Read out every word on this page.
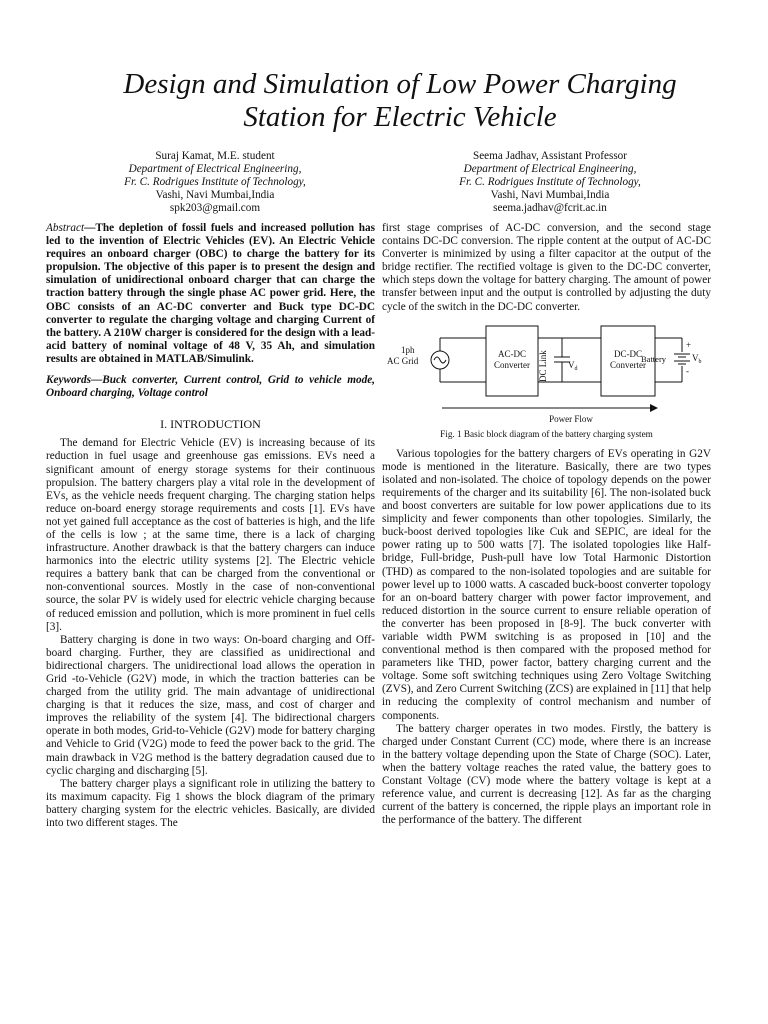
Design and Simulation of Low Power Charging
Station for Electric Vehicle
Suraj Kamat, M.E. student
Department of Electrical Engineering,
Fr. C. Rodrigues Institute of Technology,
Vashi, Navi Mumbai,India
spk203@gmail.com
Seema Jadhav, Assistant Professor
Department of Electrical Engineering,
Fr. C. Rodrigues Institute of Technology,
Vashi, Navi Mumbai,India
seema.jadhav@fcrit.ac.in

Abstract—The depletion of fossil fuels and increased pollution has led to the invention of Electric Vehicles (EV). An Electric Vehicle requires an onboard charger (OBC) to charge the battery for its propulsion. The objective of this paper is to present the design and simulation of unidirectional onboard charger that can charge the traction battery through the single phase AC power grid. Here, the OBC consists of an AC-DC converter and Buck type DC-DC converter to regulate the charging voltage and charging Current of the battery. A 210W charger is considered for the design with a lead- acid battery of nominal voltage of 48 V, 35 Ah, and simulation results are obtained in MATLAB/Simulink.

Keywords—Buck converter, Current control, Grid to vehicle mode, Onboard charging, Voltage control

I. INTRODUCTION

The demand for Electric Vehicle (EV) is increasing because of its reduction in fuel usage and greenhouse gas emissions. EVs need a significant amount of energy storage systems for their continuous propulsion. The battery chargers play a vital role in the development of EVs, as the vehicle needs frequent charging. The charging station helps reduce on-board energy storage requirements and costs [1]. EVs have not yet gained full acceptance as the cost of batteries is high, and the life of the cells is low ; at the same time, there is a lack of charging infrastructure. Another drawback is that the battery chargers can induce harmonics into the electric utility systems [2]. The Electric vehicle requires a battery bank that can be charged from the conventional or non-conventional sources. Mostly in the case of non-conventional source, the solar PV is widely used for electric vehicle charging because of reduced emission and pollution, which is more prominent in fuel cells [3].

Battery charging is done in two ways: On-board charging and Off-board charging. Further, they are classified as unidirectional and bidirectional chargers. The unidirectional load allows the operation in Grid -to-Vehicle (G2V) mode, in which the traction batteries can be charged from the utility grid. The main advantage of unidirectional charging is that it reduces the size, mass, and cost of charger and improves the reliability of the system [4]. The bidirectional chargers operate in both modes, Grid-to-Vehicle (G2V) mode for battery charging and Vehicle to Grid (V2G) mode to feed the power back to the grid. The main drawback in V2G method is the battery degradation caused due to cyclic charging and discharging [5].

The battery charger plays a significant role in utilizing the battery to its maximum capacity. Fig 1 shows the block diagram of the primary battery charging system for the electric vehicles. Basically, are divided into two different stages. The

first stage comprises of AC-DC conversion, and the second stage contains DC-DC conversion. The ripple content at the output of AC-DC Converter is minimized by using a filter capacitor at the output of the bridge rectifier. The rectified voltage is given to the DC-DC converter, which steps down the voltage for battery charging. The amount of power transfer between input and the output is controlled by adjusting the duty cycle of the switch in the DC-DC converter.

1ph
AC Grid
AC-DC
Converter DC Link $V_d$
DC-DC
Converter
Battery
+
-
$V_b$
Power Flow

Fig. 1 Basic block diagram of the battery charging system

Various topologies for the battery chargers of EVs operating in G2V mode is mentioned in the literature. Basically, there are two types isolated and non-isolated. The choice of topology depends on the power requirements of the charger and its suitability [6]. The non-isolated buck and boost converters are suitable for low power applications due to its simplicity and fewer components than other topologies. Similarly, the buck-boost derived topologies like Cuk and SEPIC, are ideal for the power rating up to 500 watts [7]. The isolated topologies like Half-bridge, Full-bridge, Push-pull have low Total Harmonic Distortion (THD) as compared to the non-isolated topologies and are suitable for power level up to 1000 watts. A cascaded buck-boost converter topology for an on-board battery charger with power factor improvement, and reduced distortion in the source current to ensure reliable operation of the converter has been proposed in [8-9]. The buck converter with variable width PWM switching is as proposed in [10] and the conventional method is then compared with the proposed method for parameters like THD, power factor, battery charging current and the voltage. Some soft switching techniques using Zero Voltage Switching (ZVS), and Zero Current Switching (ZCS) are explained in [11] that help in reducing the complexity of control mechanism and number of components.

The battery charger operates in two modes. Firstly, the battery is charged under Constant Current (CC) mode, where there is an increase in the battery voltage depending upon the State of Charge (SOC). Later, when the battery voltage reaches the rated value, the battery goes to Constant Voltage (CV) mode where the battery voltage is kept at a reference value, and current is decreasing [12]. As far as the charging current of the battery is concerned, the ripple plays an important role in the performance of the battery. The different
